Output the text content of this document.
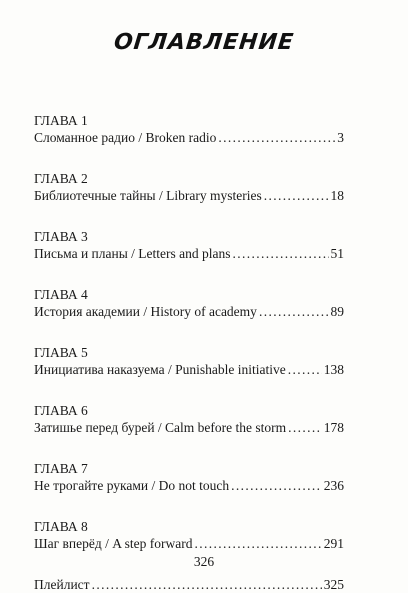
ОГЛАВЛЕНИЕ
ГЛАВА 1
Сломанное радио / Broken radio . . .	3
ГЛАВА 2
Библиотечные тайны / Library mysteries . . .	18
ГЛАВА 3
Письма и планы / Letters and plans . . .	51
ГЛАВА 4
История академии / History of academy . . .	89
ГЛАВА 5
Инициатива наказуема / Punishable initiative . . .	138
ГЛАВА 6
Затишье перед бурей / Calm before the storm . . .	178
ГЛАВА 7
Не трогайте руками / Do not touch . . .	236
ГЛАВА 8
Шаг вперёд / A step forward . . .	291
Плейлист . . .	325
326
